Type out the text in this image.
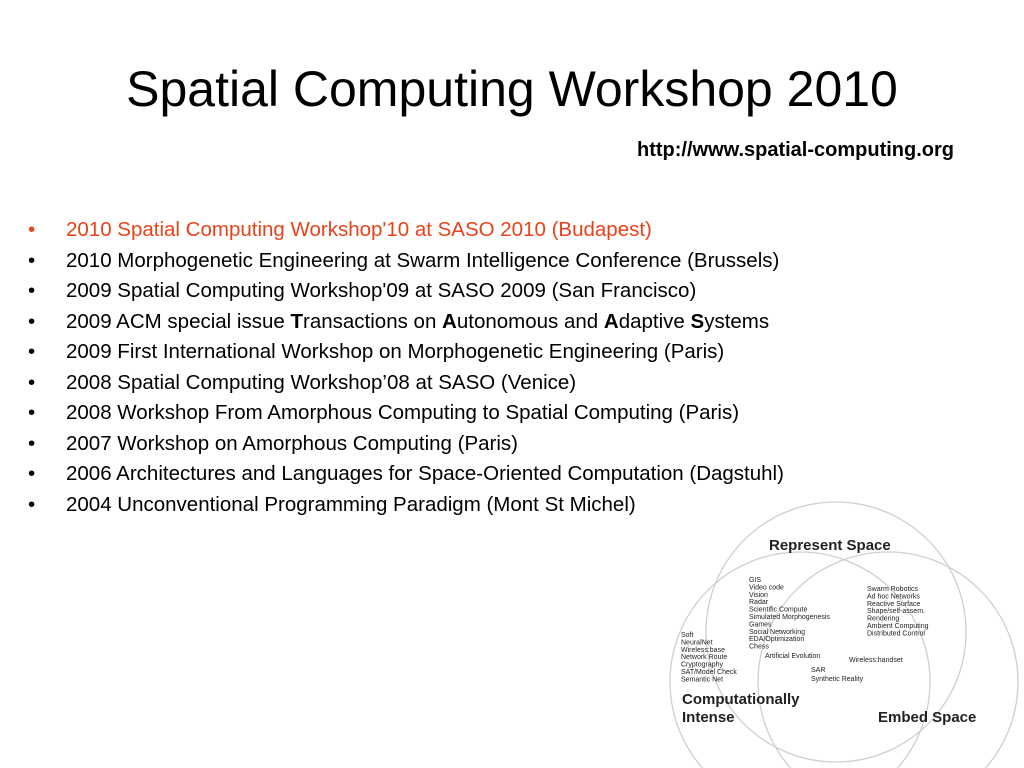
Spatial Computing Workshop 2010
http://www.spatial-computing.org
• 2010 Spatial Computing Workshop'10 at SASO 2010 (Budapest)
• 2010 Morphogenetic Engineering at Swarm Intelligence Conference (Brussels)
• 2009 Spatial Computing Workshop'09 at SASO 2009 (San Francisco)
• 2009 ACM special issue Transactions on Autonomous and Adaptive Systems
• 2009 First International Workshop on Morphogenetic Engineering (Paris)
• 2008 Spatial Computing Workshop’08 at SASO (Venice)
• 2008 Workshop From Amorphous Computing to Spatial Computing (Paris)
• 2007 Workshop on Amorphous Computing (Paris)
• 2006 Architectures and Languages for Space-Oriented Computation (Dagstuhl)
• 2004 Unconventional Programming Paradigm (Mont St Michel)
Represent Space
Computationally
Intense	Embed Space
GIS
Video code
Vision
Radar
Scientific Compute
Simulated Morphogenesis
Games
Social Networking
EDA/Optimization
Chess
Swarm Robotics
Ad hoc Networks
Reactive Surface
Shape/self-assem.
Rendering
Ambient Computing
Distributed Control
Soft
NeuralNet
Wireless:base
Network Route
Cryptography
SAT/Model Check
Semantic Net
Artificial Evolution
Wireless:handset
SAR
Synthetic Reality
